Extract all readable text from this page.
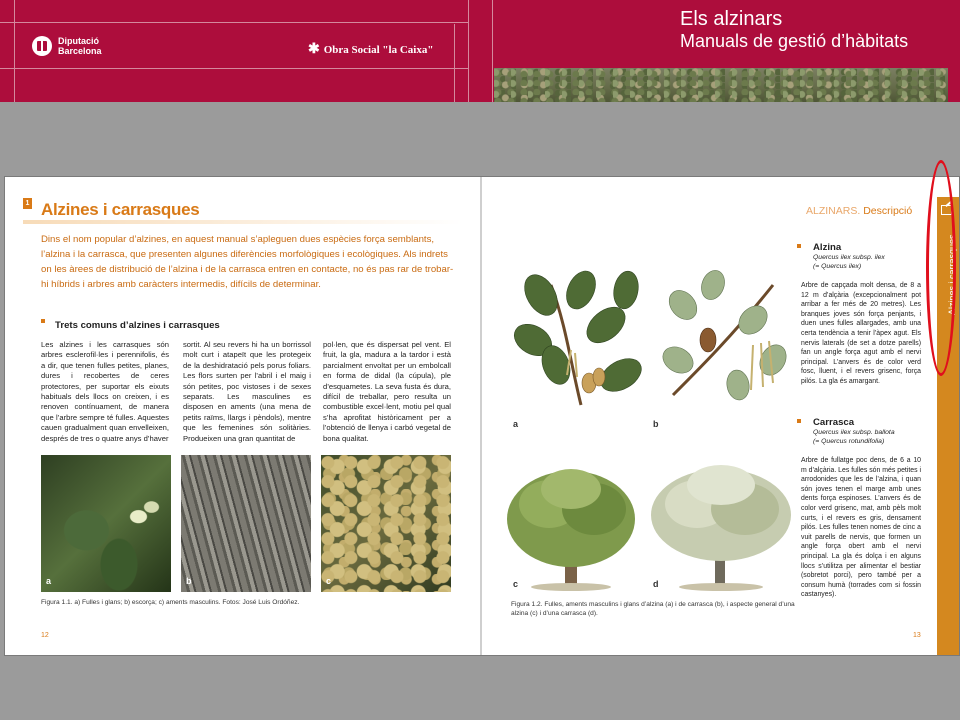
Diputació
Barcelona	✱ Obra Social "la Caixa"
Els alzinars
Manuals de gestió d’hàbitats
1 Alzines i carrasques
Dins el nom popular d’alzines, en aquest manual s’apleguen dues espècies força semblants, l’alzina i la carrasca, que presenten algunes diferències morfològiques i ecològiques. Als indrets on les àrees de distribució de l’alzina i de la carrasca entren en contacte, no és pas rar de trobar-hi híbrids i arbres amb caràcters intermedis, difícils de determinar.
Trets comuns d’alzines i carrasques
Les alzines i les carrasques són arbres esclerofil·les i perennifolis, és a dir, que tenen fulles petites, planes, dures i recobertes de ceres protectores, per suportar els eixuts habituals dels llocs on creixen, i es renoven contínuament, de manera que l’arbre sempre té fulles. Aquestes cauen gradualment quan envelleixen, després de tres o quatre anys d’haver
sortit. Al seu revers hi ha un borrissol molt curt i atapeït que les protegeix de la deshidratació pels porus foliars. Les flors surten per l’abril i el maig i són petites, poc vistoses i de sexes separats. Les masculines es disposen en aments (una mena de petits raïms, llargs i pèndols), mentre que les femenines són solitàries. Produeixen una gran quantitat de
pol·len, que és dispersat pel vent. El fruit, la gla, madura a la tardor i està parcialment envoltat per un embolcall en forma de didal (la cúpula), ple d’esquametes. La seva fusta és dura, difícil de treballar, pero resulta un combustible excel·lent, motiu pel qual s’ha aprofitat històricament per a l’obtenció de llenya i carbó vegetal de bona qualitat.
a	b	c
Figura 1.1. a) Fulles i glans; b) escorça; c) aments masculins. Fotos: José Luis Ordóñez.
12
ALZINARS. Descripció
a	b
c	d
Figura 1.2. Fulles, aments masculins i glans d’alzina (a) i de carrasca (b), i aspecte general d’una alzina (c) i d’una carrasca (d).
Alzina
Quercus ilex subsp. ilex
(= Quercus ilex)
Arbre de capçada molt densa, de 8 a 12 m d’alçària (excepcionalment pot arribar a fer més de 20 metres). Les branques joves són força penjants, i duen unes fulles allargades, amb una certa tendència a tenir l’àpex agut. Els nervis laterals (de set a dotze parells) fan un angle força agut amb el nervi principal. L’anvers és de color verd fosc, lluent, i el revers grisenc, força pilós. La gla és amargant.
Carrasca
Quercus ilex subsp. ballota
(= Quercus rotundifolia)
Arbre de fullatge poc dens, de 6 a 10 m d’alçària. Les fulles són més petites i arrodonides que les de l’alzina, i quan són joves tenen el marge amb unes dents força espinoses. L’anvers és de color verd grisenc, mat, amb pèls molt curts, i el revers es gris, densament pilós. Les fulles tenen nomes de cinc a vuit parells de nervis, que formen un angle força obert amb el nervi principal. La gla és dolça i en alguns llocs s’utilitza per alimentar el bestiar (sobretot porci), pero també per a consum humà (torrades com si fossin castanyes).
Alzines i carrasques
13
